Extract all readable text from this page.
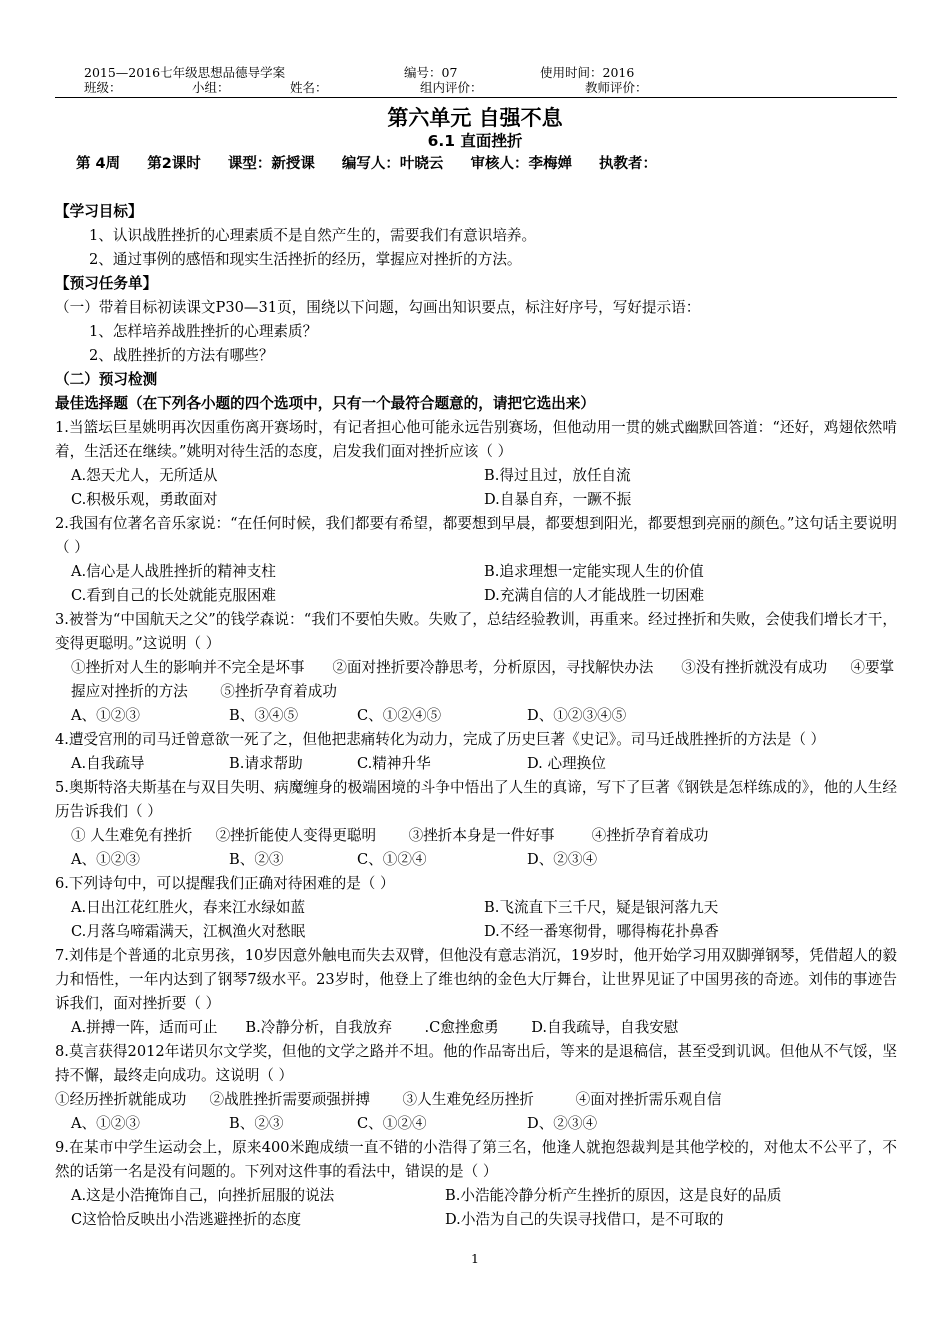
2015—2016七年级思想品德导学案	编号：07	使用时间：2016
班级：	小组：	姓名：	组内评价：	教师评价：
第六单元 自强不息
6.1 直面挫折
第 4周 第2课时 课型：新授课 编写人：叶晓云 审核人：李梅婵 执教者：

【学习目标】

1、认识战胜挫折的心理素质不是自然产生的，需要我们有意识培养。

2、通过事例的感悟和现实生活挫折的经历，掌握应对挫折的方法。

【预习任务单】

（一）带着目标初读课文P30—31页，围绕以下问题，勾画出知识要点，标注好序号，写好提示语：

1、怎样培养战胜挫折的心理素质？

2、战胜挫折的方法有哪些？

（二）预习检测

最佳选择题（在下列各小题的四个选项中，只有一个最符合题意的，请把它选出来）

1.当篮坛巨星姚明再次因重伤离开赛场时，有记者担心他可能永远告别赛场，但他动用一贯的姚式幽默回答道：“还好，鸡翅依然啃着，生活还在继续。”姚明对待生活的态度，启发我们面对挫折应该（ ）

A.怨天尤人，无所适从	B.得过且过，放任自流
C.积极乐观，勇敢面对	D.自暴自弃，一蹶不振

2.我国有位著名音乐家说：“在任何时候，我们都要有希望，都要想到早晨，都要想到阳光，都要想到亮丽的颜色。”这句话主要说明（ ）

A.信心是人战胜挫折的精神支柱	B.追求理想一定能实现人生的价值
C.看到自己的长处就能克服困难	D.充满自信的人才能战胜一切困难

3.被誉为“中国航天之父”的钱学森说：“我们不要怕失败。失败了，总结经验教训，再重来。经过挫折和失败，会使我们增长才干，变得更聪明。”这说明（ ）

①挫折对人生的影响并不完全是坏事      ②面对挫折要冷静思考，分析原因，寻找解快办法      ③没有挫折就没有成功     ④要掌握应对挫折的方法       ⑤挫折孕育着成功

A、①②③	B、③④⑤	C、①②④⑤	D、①②③④⑤

4.遭受宫刑的司马迁曾意欲一死了之，但他把悲痛转化为动力，完成了历史巨著《史记》。司马迁战胜挫折的方法是（ ）

A.自我疏导	B.请求帮助	C.精神升华	D. 心理换位

5.奥斯特洛夫斯基在与双目失明、病魔缠身的极端困境的斗争中悟出了人生的真谛，写下了巨著《钢铁是怎样练成的》，他的人生经历告诉我们（ ）

① 人生难免有挫折     ②挫折能使人变得更聪明       ③挫折本身是一件好事        ④挫折孕育着成功

A、①②③	B、②③	C、①②④	D、②③④

6.下列诗句中，可以提醒我们正确对待困难的是（ ）

A.日出江花红胜火，春来江水绿如蓝	B.飞流直下三千尺，疑是银河落九天
C.月落乌啼霜满天，江枫渔火对愁眠	D.不经一番寒彻骨，哪得梅花扑鼻香

7.刘伟是个普通的北京男孩，10岁因意外触电而失去双臂，但他没有意志消沉，19岁时，他开始学习用双脚弹钢琴，凭借超人的毅力和悟性，一年内达到了钢琴7级水平。23岁时，他登上了维也纳的金色大厅舞台，让世界见证了中国男孩的奇迹。刘伟的事迹告诉我们，面对挫折要（ ）

A.拼搏一阵，适而可止      B.冷静分析，自我放弃       .C愈挫愈勇       D.自我疏导，自我安慰

8.莫言获得2012年诺贝尔文学奖，但他的文学之路并不坦。他的作品寄出后，等来的是退稿信，甚至受到讥讽。但他从不气馁，坚持不懈，最终走向成功。这说明（ ）

①经历挫折就能成功     ②战胜挫折需要顽强拼搏       ③人生难免经历挫折         ④面对挫折需乐观自信

A、①②③	B、②③	C、①②④	D、②③④

9.在某市中学生运动会上，原来400米跑成绩一直不错的小浩得了第三名，他逢人就抱怨裁判是其他学校的，对他太不公平了，不然的话第一名是没有问题的。下列对这件事的看法中，错误的是（ ）

A.这是小浩掩饰自己，向挫折屈服的说法	B.小浩能冷静分析产生挫折的原因，这是良好的品质
C这恰恰反映出小浩逃避挫折的态度	D.小浩为自己的失误寻找借口，是不可取的
1
